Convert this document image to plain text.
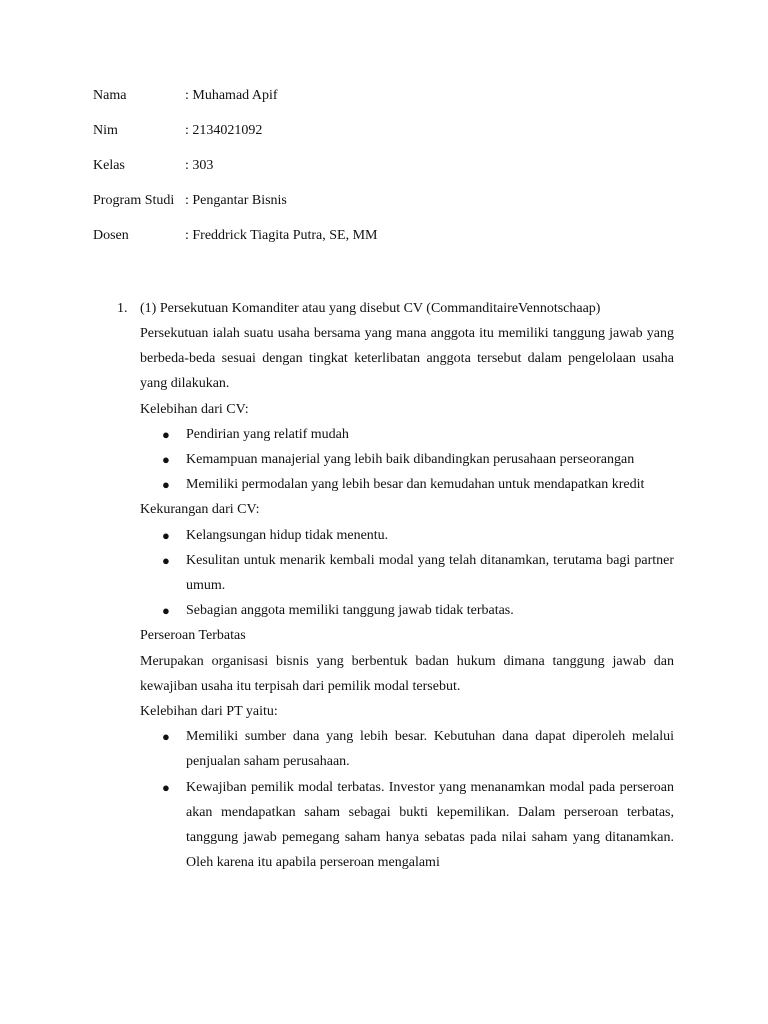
Nama	: Muhamad Apif
Nim	: 2134021092
Kelas	: 303
Program Studi : Pengantar Bisnis
Dosen	: Freddrick Tiagita Putra, SE, MM
1. (1) Persekutuan Komanditer atau yang disebut CV (CommanditaireVennotschaap)

Persekutuan ialah suatu usaha bersama yang mana anggota itu memiliki tanggung jawab yang berbeda-beda sesuai dengan tingkat keterlibatan anggota tersebut dalam pengelolaan usaha yang dilakukan.

Kelebihan dari CV:

● Pendirian yang relatif mudah
● Kemampuan manajerial yang lebih baik dibandingkan perusahaan perseorangan
● Memiliki permodalan yang lebih besar dan kemudahan untuk mendapatkan kredit

Kekurangan dari CV:

● Kelangsungan hidup tidak menentu.
● Kesulitan untuk menarik kembali modal yang telah ditanamkan, terutama bagi partner umum.
● Sebagian anggota memiliki tanggung jawab tidak terbatas.

Perseroan Terbatas

Merupakan organisasi bisnis yang berbentuk badan hukum dimana tanggung jawab dan kewajiban usaha itu terpisah dari pemilik modal tersebut.

Kelebihan dari PT yaitu:

● Memiliki sumber dana yang lebih besar. Kebutuhan dana dapat diperoleh melalui penjualan saham perusahaan.
● Kewajiban pemilik modal terbatas. Investor yang menanamkan modal pada perseroan akan mendapatkan saham sebagai bukti kepemilikan. Dalam perseroan terbatas, tanggung jawab pemegang saham hanya sebatas pada nilai saham yang ditanamkan. Oleh karena itu apabila perseroan mengalami
